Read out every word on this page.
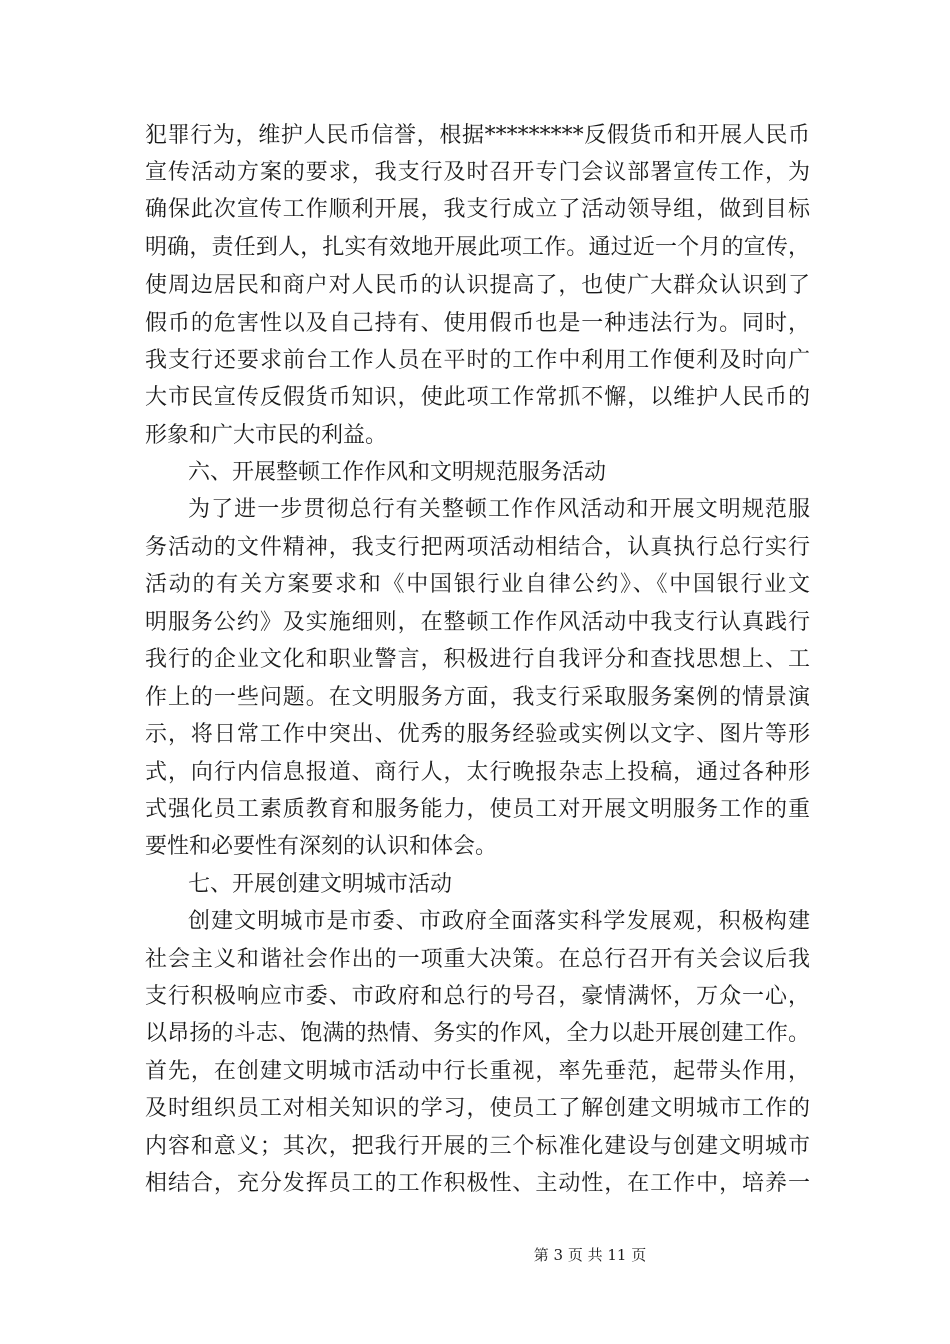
犯罪行为，维护人民币信誉，根据*********反假货币和开展人民币
宣传活动方案的要求，我支行及时召开专门会议部署宣传工作，为
确保此次宣传工作顺利开展，我支行成立了活动领导组，做到目标
明确，责任到人，扎实有效地开展此项工作。通过近一个月的宣传，
使周边居民和商户对人民币的认识提高了，也使广大群众认识到了
假币的危害性以及自己持有、使用假币也是一种违法行为。同时，
我支行还要求前台工作人员在平时的工作中利用工作便利及时向广
大市民宣传反假货币知识，使此项工作常抓不懈，以维护人民币的
形象和广大市民的利益。
六、开展整顿工作作风和文明规范服务活动
为了进一步贯彻总行有关整顿工作作风活动和开展文明规范服
务活动的文件精神，我支行把两项活动相结合，认真执行总行实行
活动的有关方案要求和《中国银行业自律公约》、《中国银行业文
明服务公约》及实施细则，在整顿工作作风活动中我支行认真践行
我行的企业文化和职业警言，积极进行自我评分和查找思想上、工
作上的一些问题。在文明服务方面，我支行采取服务案例的情景演
示，将日常工作中突出、优秀的服务经验或实例以文字、图片等形
式，向行内信息报道、商行人，太行晚报杂志上投稿，通过各种形
式强化员工素质教育和服务能力，使员工对开展文明服务工作的重
要性和必要性有深刻的认识和体会。
七、开展创建文明城市活动
创建文明城市是市委、市政府全面落实科学发展观，积极构建
社会主义和谐社会作出的一项重大决策。在总行召开有关会议后我
支行积极响应市委、市政府和总行的号召，豪情满怀，万众一心，
以昂扬的斗志、饱满的热情、务实的作风，全力以赴开展创建工作。
首先，在创建文明城市活动中行长重视，率先垂范，起带头作用，
及时组织员工对相关知识的学习，使员工了解创建文明城市工作的
内容和意义；其次，把我行开展的三个标准化建设与创建文明城市
相结合，充分发挥员工的工作积极性、主动性，在工作中，培养一
第 3 页 共 11 页
